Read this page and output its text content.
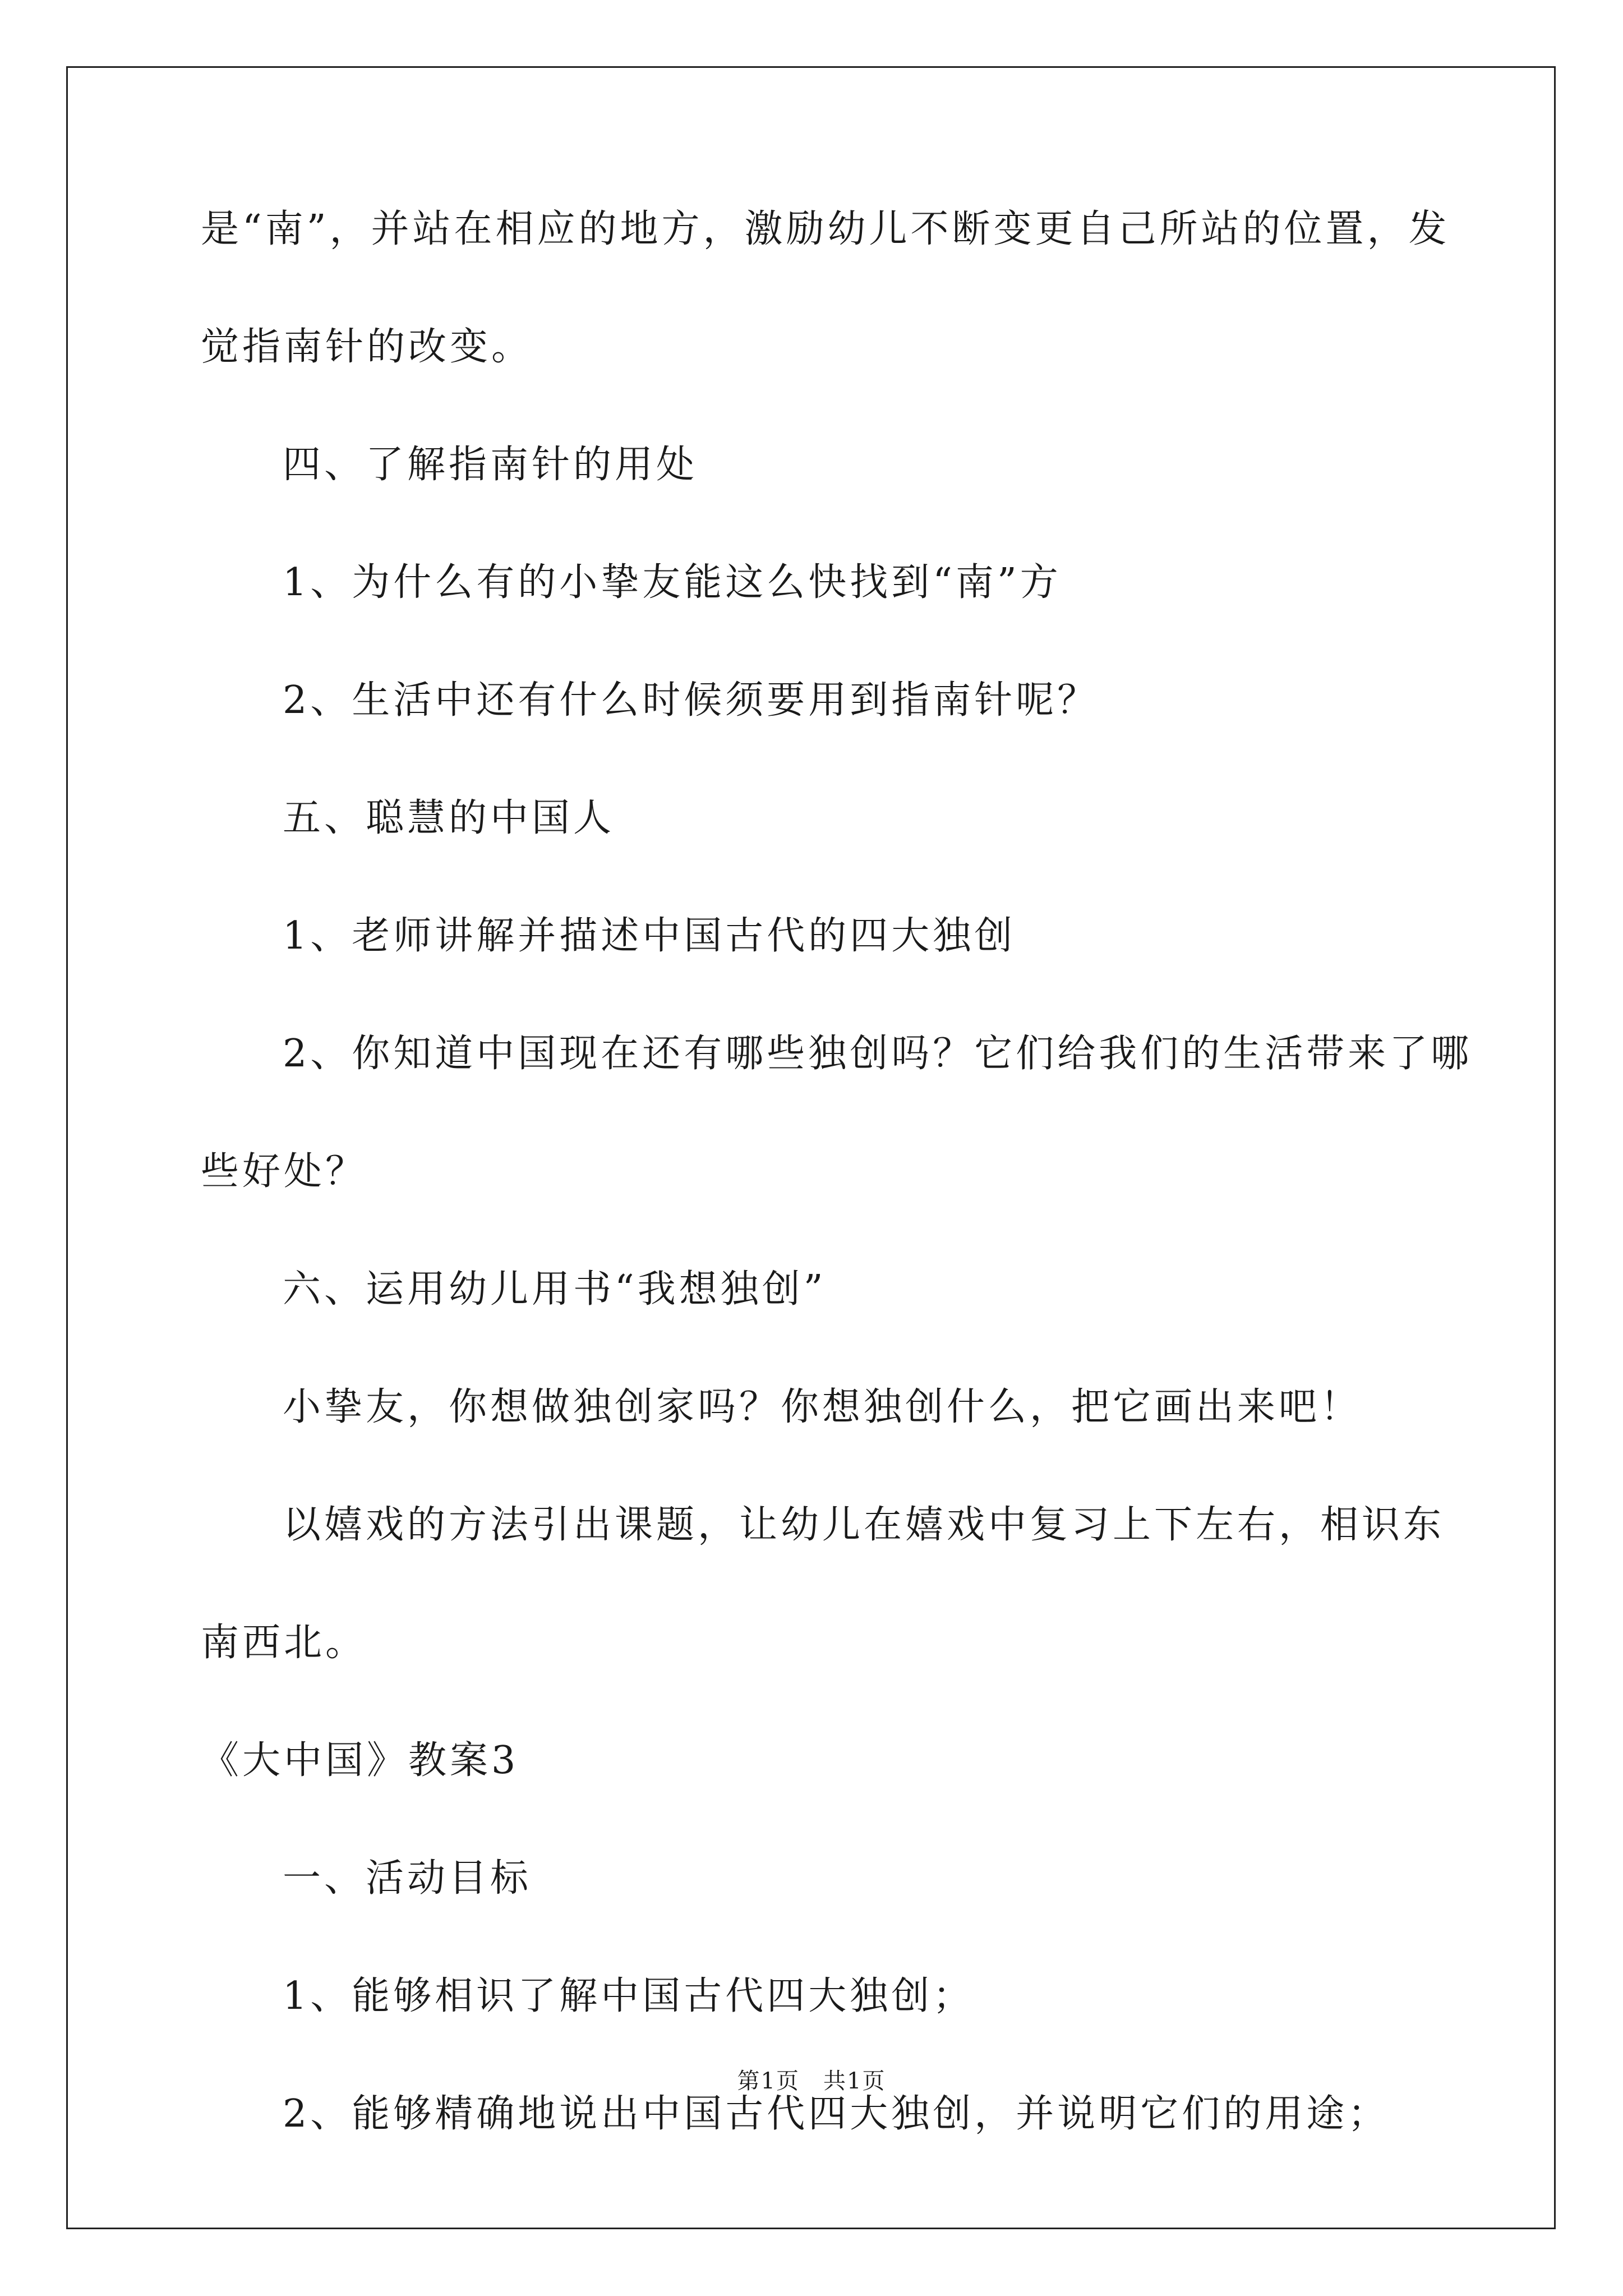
是“南”，并站在相应的地方，激励幼儿不断变更自己所站的位置，发

觉指南针的改变。

四、了解指南针的用处

1、为什么有的小挚友能这么快找到“南”方

2、生活中还有什么时候须要用到指南针呢？

五、聪慧的中国人

1、老师讲解并描述中国古代的四大独创

2、你知道中国现在还有哪些独创吗？它们给我们的生活带来了哪

些好处？

六、运用幼儿用书“我想独创”

小挚友，你想做独创家吗？你想独创什么，把它画出来吧！

以嬉戏的方法引出课题，让幼儿在嬉戏中复习上下左右，相识东

南西北。

《大中国》教案3

一、活动目标

1、能够相识了解中国古代四大独创；

2、能够精确地说出中国古代四大独创，并说明它们的用途；

第1页　共1页
